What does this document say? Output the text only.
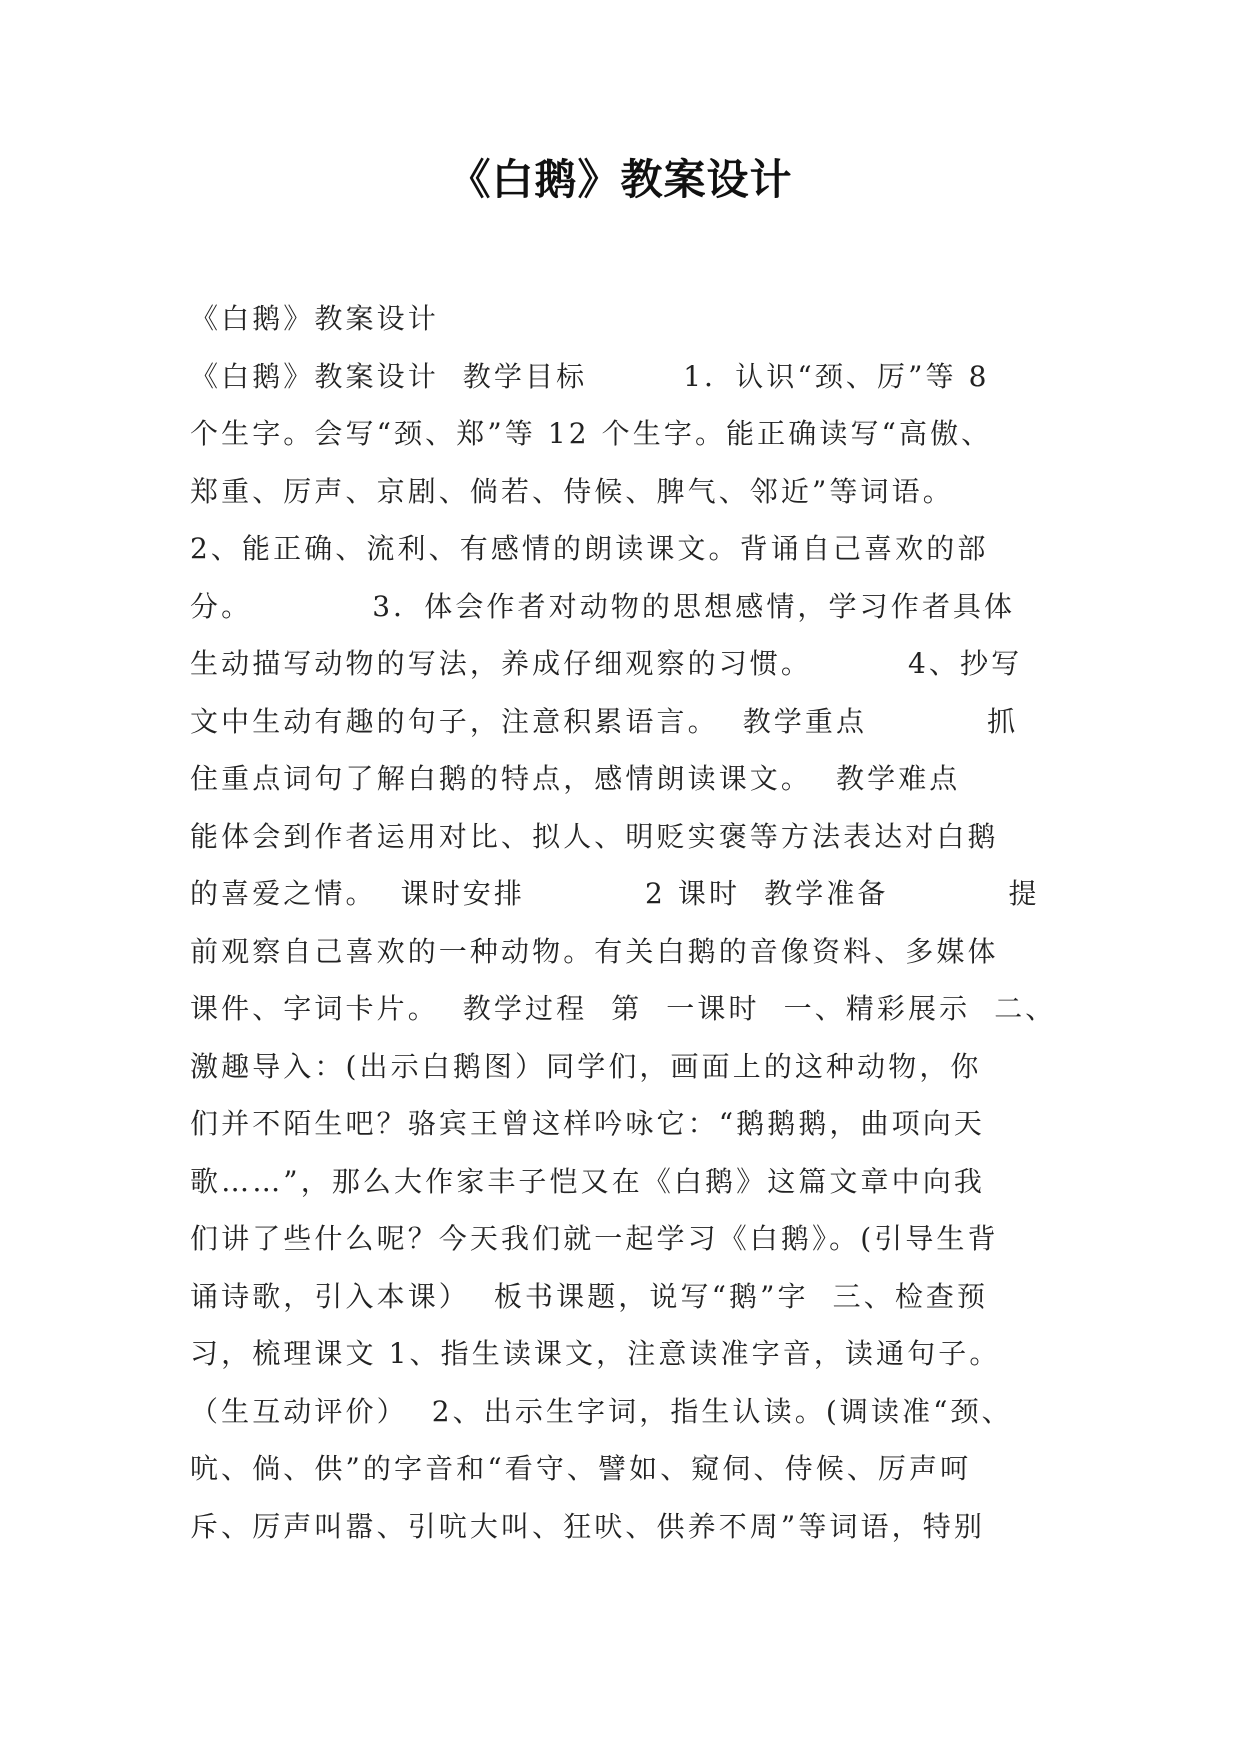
《白鹅》教案设计
《白鹅》教案设计
《白鹅》教案设计  教学目标        1．认识“颈、厉”等 8
个生字。会写“颈、郑”等 12 个生字。能正确读写“高傲、
郑重、厉声、京剧、倘若、侍候、脾气、邻近”等词语。
2、能正确、流利、有感情的朗读课文。背诵自己喜欢的部
分。          3．体会作者对动物的思想感情，学习作者具体
生动描写动物的写法，养成仔细观察的习惯。        4、抄写
文中生动有趣的句子，注意积累语言。  教学重点          抓
住重点词句了解白鹅的特点，感情朗读课文。  教学难点
能体会到作者运用对比、拟人、明贬实褒等方法表达对白鹅
的喜爱之情。  课时安排          2 课时  教学准备          提
前观察自己喜欢的一种动物。有关白鹅的音像资料、多媒体
课件、字词卡片。  教学过程  第  一课时  一、精彩展示  二、
激趣导入：(出示白鹅图）同学们，画面上的这种动物，你
们并不陌生吧？骆宾王曾这样吟咏它：“鹅鹅鹅，曲项向天
歌……”，那么大作家丰子恺又在《白鹅》这篇文章中向我
们讲了些什么呢？今天我们就一起学习《白鹅》。(引导生背
诵诗歌，引入本课）  板书课题，说写“鹅”字  三、检查预
习，梳理课文 1、指生读课文，注意读准字音，读通句子。
（生互动评价）  2、出示生字词，指生认读。(调读准“颈、
吭、倘、供”的字音和“看守、譬如、窥伺、侍候、厉声呵
斥、厉声叫嚣、引吭大叫、狂吠、供养不周”等词语，特别
